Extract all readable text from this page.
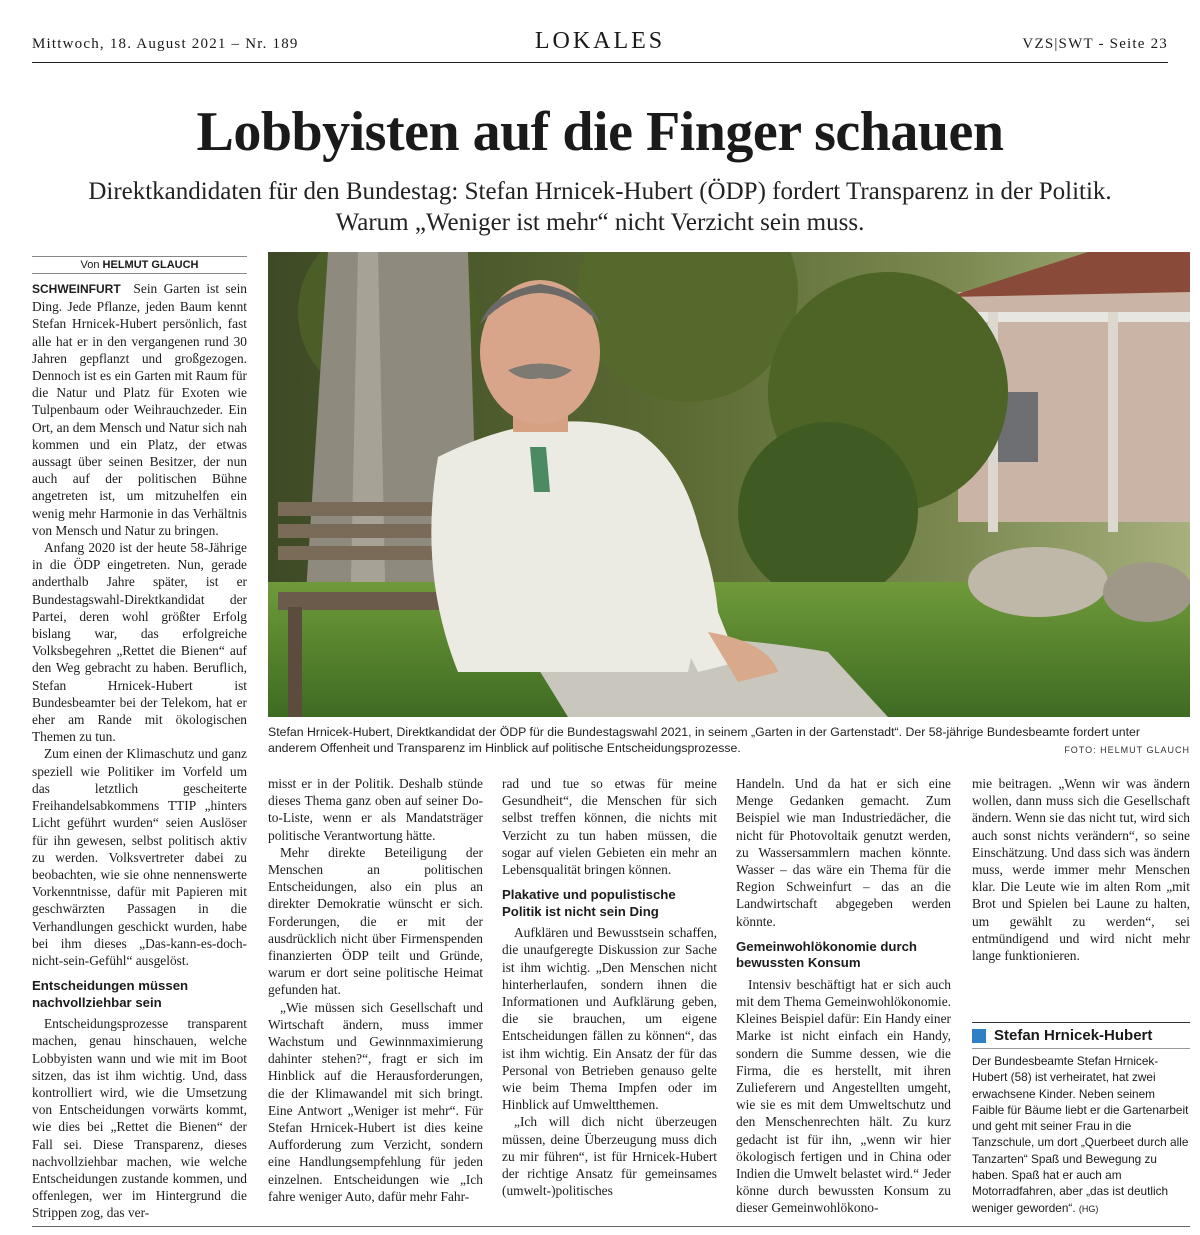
Mittwoch, 18. August 2021 – Nr. 189	LOKALES	VZS|SWT - Seite 23
Lobbyisten auf die Finger schauen
Direktkandidaten für den Bundestag: Stefan Hrnicek-Hubert (ÖDP) fordert Transparenz in der Politik.
Warum „Weniger ist mehr“ nicht Verzicht sein muss.
Von HELMUT GLAUCH

SCHWEINFURT Sein Garten ist sein Ding. Jede Pflanze, jeden Baum kennt Stefan Hrnicek-Hubert persönlich, fast alle hat er in den vergangenen rund 30 Jahren gepflanzt und großgezogen. Dennoch ist es ein Garten mit Raum für die Natur und Platz für Exoten wie Tulpenbaum oder Weihrauchzeder. Ein Ort, an dem Mensch und Natur sich nah kommen und ein Platz, der etwas aussagt über seinen Besitzer, der nun auch auf der politischen Bühne angetreten ist, um mitzuhelfen ein wenig mehr Harmonie in das Verhältnis von Mensch und Natur zu bringen.

Anfang 2020 ist der heute 58-Jährige in die ÖDP eingetreten. Nun, gerade anderthalb Jahre später, ist er Bundestagswahl-Direktkandidat der Partei, deren wohl größter Erfolg bislang war, das erfolgreiche Volksbegehren „Rettet die Bienen“ auf den Weg gebracht zu haben. Beruflich, Stefan Hrnicek-Hubert ist Bundesbeamter bei der Telekom, hat er eher am Rande mit ökologischen Themen zu tun.

Zum einen der Klimaschutz und ganz speziell wie Politiker im Vorfeld um das letztlich gescheiterte Freihandelsabkommens TTIP „hinters Licht geführt wurden“ seien Auslöser für ihn gewesen, selbst politisch aktiv zu werden. Volksvertreter dabei zu beobachten, wie sie ohne nennenswerte Vorkenntnisse, dafür mit Papieren mit geschwärzten Passagen in die Verhandlungen geschickt wurden, habe bei ihm dieses „Das-kann-es-doch-nicht-sein-Gefühl“ ausgelöst.

Entscheidungen müssen nachvollziehbar sein

Entscheidungsprozesse transparent machen, genau hinschauen, welche Lobbyisten wann und wie mit im Boot sitzen, das ist ihm wichtig. Und, dass kontrolliert wird, wie die Umsetzung von Entscheidungen vorwärts kommt, wie dies bei „Rettet die Bienen“ der Fall sei. Diese Transparenz, dieses nachvollziehbar machen, wie welche Entscheidungen zustande kommen, und offenlegen, wer im Hintergrund die Strippen zog, das ver-

Stefan Hrnicek-Hubert, Direktkandidat der ÖDP für die Bundestagswahl 2021, in seinem „Garten in der Gartenstadt“. Der 58-jährige Bundesbeamte fordert unter anderem Offenheit und Transparenz im Hinblick auf politische Entscheidungsprozesse.	FOTO: HELMUT GLAUCH

misst er in der Politik. Deshalb stünde dieses Thema ganz oben auf seiner Do-to-Liste, wenn er als Mandatsträger politische Verantwortung hätte.

Mehr direkte Beteiligung der Menschen an politischen Entscheidungen, also ein plus an direkter Demokratie wünscht er sich. Forderungen, die er mit der ausdrücklich nicht über Firmenspenden finanzierten ÖDP teilt und Gründe, warum er dort seine politische Heimat gefunden hat.

„Wie müssen sich Gesellschaft und Wirtschaft ändern, muss immer Wachstum und Gewinnmaximierung dahinter stehen?“, fragt er sich im Hinblick auf die Herausforderungen, die der Klimawandel mit sich bringt. Eine Antwort „Weniger ist mehr“. Für Stefan Hrnicek-Hubert ist dies keine Aufforderung zum Verzicht, sondern eine Handlungsempfehlung für jeden einzelnen. Entscheidungen wie „Ich fahre weniger Auto, dafür mehr Fahr-

rad und tue so etwas für meine Gesundheit“, die Menschen für sich selbst treffen können, die nichts mit Verzicht zu tun haben müssen, die sogar auf vielen Gebieten ein mehr an Lebensqualität bringen können.

Plakative und populistische Politik ist nicht sein Ding

Aufklären und Bewusstsein schaffen, die unaufgeregte Diskussion zur Sache ist ihm wichtig. „Den Menschen nicht hinterherlaufen, sondern ihnen die Informationen und Aufklärung geben, die sie brauchen, um eigene Entscheidungen fällen zu können“, das ist ihm wichtig. Ein Ansatz der für das Personal von Betrieben genauso gelte wie beim Thema Impfen oder im Hinblick auf Umweltthemen.

„Ich will dich nicht überzeugen müssen, deine Überzeugung muss dich zu mir führen“, ist für Hrnicek-Hubert der richtige Ansatz für gemeinsames (umwelt-)politisches

Handeln. Und da hat er sich eine Menge Gedanken gemacht. Zum Beispiel wie man Industriedächer, die nicht für Photovoltaik genutzt werden, zu Wassersammlern machen könnte. Wasser – das wäre ein Thema für die Region Schweinfurt – das an die Landwirtschaft abgegeben werden könnte.

Gemeinwohlökonomie durch bewussten Konsum

Intensiv beschäftigt hat er sich auch mit dem Thema Gemeinwohlökonomie. Kleines Beispiel dafür: Ein Handy einer Marke ist nicht einfach ein Handy, sondern die Summe dessen, wie die Firma, die es herstellt, mit ihren Zulieferern und Angestellten umgeht, wie sie es mit dem Umweltschutz und den Menschenrechten hält. Zu kurz gedacht ist für ihn, „wenn wir hier ökologisch fertigen und in China oder Indien die Umwelt belastet wird.“ Jeder könne durch bewussten Konsum zu dieser Gemeinwohlökono-

mie beitragen. „Wenn wir was ändern wollen, dann muss sich die Gesellschaft ändern. Wenn sie das nicht tut, wird sich auch sonst nichts verändern“, so seine Einschätzung. Und dass sich was ändern muss, werde immer mehr Menschen klar. Die Leute wie im alten Rom „mit Brot und Spielen bei Laune zu halten, um gewählt zu werden“, sei entmündigend und wird nicht mehr lange funktionieren.

Stefan Hrnicek-Hubert
Der Bundesbeamte Stefan Hrnicek-Hubert (58) ist verheiratet, hat zwei erwachsene Kinder. Neben seinem Faible für Bäume liebt er die Gartenarbeit und geht mit seiner Frau in die Tanzschule, um dort „Querbeet durch alle Tanzarten“ Spaß und Bewegung zu haben. Spaß hat er auch am Motorradfahren, aber „das ist deutlich weniger geworden“. (HG)
